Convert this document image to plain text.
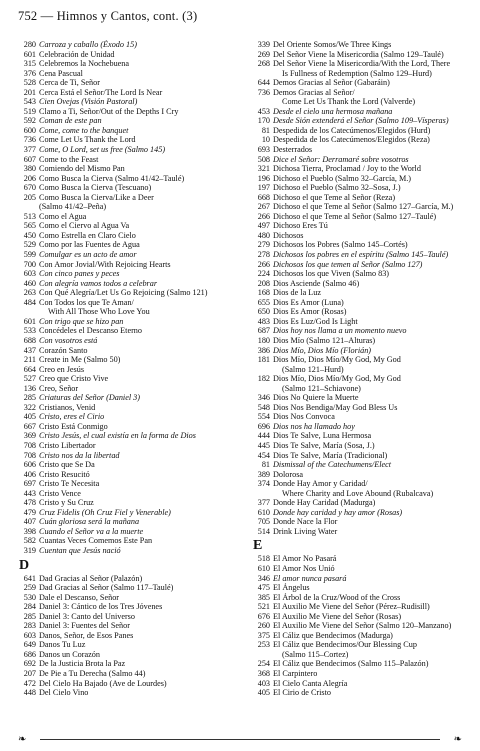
752 — Himnos y Cantos, cont. (3)
280 Carroza y caballo (Éxodo 15)
601 Celebración de Unidad
315 Celebremos la Nochebuena
376 Cena Pascual
528 Cerca de Ti, Señor
201 Cerca Está el Señor/The Lord Is Near
543 Cien Ovejas (Visión Pastoral)
519 Clamo a Ti, Señor/Out of the Depths I Cry
592 Coman de este pan
600 Come, come to the banquet
736 Come Let Us Thank the Lord
377 Come, O Lord, set us free (Salmo 145)
607 Come to the Feast
380 Comiendo del Mismo Pan
206 Como Busca la Cierva (Salmo 41/42–Taulé)
670 Como Busca la Cierva (Tescuano)
205 Como Busca la Cierva/Like a Deer
(Salmo 41/42–Peña)
513 Como el Agua
565 Como el Ciervo al Agua Va
450 Como Estrella en Claro Cielo
529 Como por las Fuentes de Agua
599 Comulgar es un acto de amor
700 Con Amor Jovial/With Rejoicing Hearts
603 Con cinco panes y peces
460 Con alegría vamos todos a celebrar
263 Con Qué Alegría/Let Us Go Rejoicing (Salmo 121)
484 Con Todos los que Te Aman/
With All Those Who Love You
601 Con trigo que se hizo pan
533 Concédeles el Descanso Eterno
688 Con vosotros está
437 Corazón Santo
211 Create in Me (Salmo 50)
664 Creo en Jesús
527 Creo que Cristo Vive
136 Creo, Señor
285 Criaturas del Señor (Daniel 3)
322 Cristianos, Venid
405 Cristo, eres el Cirio
667 Cristo Está Conmigo
369 Cristo Jesús, el cual existía en la forma de Dios
708 Cristo Libertador
708 Cristo nos da la libertad
606 Cristo que Se Da
406 Cristo Resucitó
697 Cristo Te Necesita
443 Cristo Vence
478 Cristo y Su Cruz
479 Cruz Fidelis (Oh Cruz Fiel y Venerable)
407 Cuán gloriosa será la mañana
398 Cuando el Señor va a la muerte
582 Cuantas Veces Comemos Este Pan
319 Cuentan que Jesús nació
D
641 Dad Gracias al Señor (Palazón)
259 Dad Gracias al Señor (Salmo 117–Taulé)
530 Dale el Descanso, Señor
284 Daniel 3: Cántico de los Tres Jóvenes
285 Daniel 3: Canto del Universo
283 Daniel 3: Fuentes del Señor
603 Danos, Señor, de Esos Panes
649 Danos Tu Luz
686 Danos un Corazón
692 De la Justicia Brota la Paz
207 De Pie a Tu Derecha (Salmo 44)
472 Del Cielo Ha Bajado (Ave de Lourdes)
448 Del Cielo Vino
339 Del Oriente Somos/We Three Kings
269 Del Señor Viene la Misericordia (Salmo 129–Taulé)
268 Del Señor Viene la Misericordia/With the Lord, There
Is Fullness of Redemption (Salmo 129–Hurd)
644 Demos Gracias al Señor (Gabaráin)
736 Demos Gracias al Señor/
Come Let Us Thank the Lord (Valverde)
453 Desde el cielo una hermosa mañana
170 Desde Sión extenderá el Señor (Salmo 109–Vísperas)
81 Despedida de los Catecúmenos/Elegidos (Hurd)
10 Despedida de los Catecúmenos/Elegidos (Reza)
693 Desterrados
508 Dice el Señor: Derramaré sobre vosotros
321 Dichosa Tierra, Proclamad / Joy to the World
196 Dichoso el Pueblo (Salmo 32–García, M.)
197 Dichoso el Pueblo (Salmo 32–Sosa, J.)
668 Dichoso el que Teme al Señor (Reza)
267 Dichoso el que Teme al Señor (Salmo 127–García, M.)
266 Dichoso el que Teme al Señor (Salmo 127–Taulé)
497 Dichoso Eres Tú
480 Dichosos
279 Dichosos los Pobres (Salmo 145–Cortés)
278 Dichosos los pobres en el espíritu (Salmo 145–Taulé)
266 Dichosos los que temen al Señor (Salmo 127)
224 Dichosos los que Viven (Salmo 83)
208 Dios Asciende (Salmo 46)
168 Dios de la Luz
655 Dios Es Amor (Luna)
650 Dios Es Amor (Rosas)
483 Dios Es Luz/God Is Light
687 Dios hoy nos llama a un momento nuevo
180 Dios Mío (Salmo 121–Alturas)
386 Dios Mío, Dios Mío (Florián)
181 Dios Mío, Dios Mío/My God, My God
(Salmo 121–Hurd)
182 Dios Mío, Dios Mío/My God, My God
(Salmo 121–Schiavone)
346 Dios No Quiere la Muerte
548 Dios Nos Bendiga/May God Bless Us
554 Dios Nos Convoca
696 Dios nos ha llamado hoy
444 Dios Te Salve, Luna Hermosa
445 Dios Te Salve, María (Sosa, J.)
454 Dios Te Salve, María (Tradicional)
81 Dismissal of the Catechumens/Elect
389 Dolorosa
374 Donde Hay Amor y Caridad/
Where Charity and Love Abound (Rubalcava)
377 Donde Hay Caridad (Madurga)
610 Donde hay caridad y hay amor (Rosas)
705 Donde Nace la Flor
514 Drink Living Water
E
518 El Amor No Pasará
610 El Amor Nos Unió
346 El amor nunca pasará
475 El Ángelus
385 El Árbol de la Cruz/Wood of the Cross
521 El Auxilio Me Viene del Señor (Pérez–Rudisill)
676 El Auxilio Me Viene del Señor (Rosas)
260 El Auxilio Me Viene del Señor (Salmo 120–Manzano)
375 El Cáliz que Bendecimos (Madurga)
253 El Cáliz que Bendecimos/Our Blessing Cup
(Salmo 115–Cortez)
254 El Cáliz que Bendecimos (Salmo 115–Palazón)
368 El Carpintero
403 El Cielo Canta Alegría
405 El Cirio de Cristo
❧	❧
